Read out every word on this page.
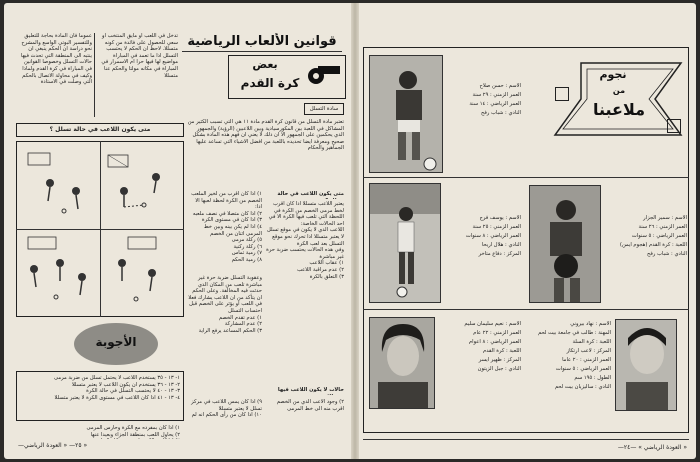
قوانين الألعاب الرياضية
بعض
كرة القدم
عموما فان المادة بحاجة للتعليق وللتفسير البوتي الواسع والمشرح نحو دراسة ان الحكم ينبغي ان ينتبه الى المنطقة التي تحدث فيها حالات التسلل وخصوصا القوانين في المباراة في كرة القدم ولماذا وكيف في محاولة الاتصال بالحكم التي وصلت في الاستاذة
تدخل في اللعب او مايق المنتخب او سعي للحصول على فائدة من كونه متسللا. لاحظ ان الحكم لا يحتسب التسلل اذا ما تعمد في المباراة مواضيع لها فيها حرا ام الاسمرار في المباراة في مكانه مولتا والحكم عنا متسللا
سادة التسلل
تعتبر مادة التسلل من قانون كرة القدم مادة ١١ هي التي تسبب الكثير من المشاكل في اللعبة بين المكورسيادية وبين اللاعبين (الرؤية) والجمهور الذي يحكمين على الجمهور الا ان ذلك لا يعني ان فهم هذه المادة بشكل صحيح ومعرفة ايضا تحديده باللعبة من افضل الاشياء التي تساعد عليها الجماهير والحكام
متى يكون اللاعب في حالة تسلل ؟
متى يكون اللاعب في حالة
يعتبر اللاعب متسللا اذا كان اقرب لخط مرمى الخصم من الكرة في اللحظة التي تلعب فيها الكرة الا في احد الحالات الخاصة:
اللاعب الذي لا يكون في موقع تسلل لا يعتبر متسللا اذا تحرك نحو موقع التسلل بعد لعب الكرة
وفي هذه الحالات يحتسب ضربة حرة غير مباشرة
١) عقاب اللاعب
٢) عدم مراقبة اللاعب
٣) التعلق بالكرة
١) اذا كان أقرب من لخير الملعب الخصم من الكرة لحظة لعبها الا اذا:
٢) اذا كان متصلا في نصف ملعبه
٣) اذا كان في مستوى الكرة
٤) اذا لم يكن بينه وبين خط المرمى اثنان من الخصم
٥) ركلة مرمى
٦) ركلة ركنية
٧) رمية تماس
٨) رمية الحكم
وعقوبة التسلل ضربة حرة غير مباشرة تلعب من المكان الذي حدثت فيه المخالفة. وعلى الحكم ان يتأكد من ان اللاعب يشارك فعلا في اللعب او يؤثر على الخصم قبل احتساب التسلل
١) عدم تقدم الخصم
٢) عدم المشاركة
٣) الحكم المساعد يرفع الراية
حالات لا يكون اللاعب فيها
٢) وجود الاعب الذي من الخصم اقرب منه الى خط المرمى
٩) اذا كان يمس اللاعب في مركز تسلل لا يعتبر متسللا
١٠) اذا كان من رأى الحكم انه لم
الأجوبة
١- ١٣ - ٣٥ يستخدم اللاعب لا يحتمل تسلل من ضربة مرمى
٢- ١٣ - ٣٦ يستخدم ان يكون اللاعب لا يعتبر متسللا
٣- ١٣ - ٤٠ لا يحتسب التسلل في حالة الكرة
٤- ١٣ - ٤١ اذا كان اللاعب في مستوى الكرة لا يعتبر متسللا
١) اذا كان بمفرده مع الكرة وحارس المرمى
٢) يحاول اللعب بمنطقة الجزاء وبعيدا عنها

—٢٥— « العودة الرياضي »
نجوم
من
ملاعبنا
الاسم : حسن صلاح
العمر الزمني : ٢٩ سنة
العمر الرياضي : ١٤ سنة
النادي : شباب رفح
الاسم : سمير الجزار
العمر الزمني : ٢٦ سنة
العمر الرياضي : ٥ سنوات
اللعبة : كرة القدم (هجوم ايمن)
النادي : شباب رفح
الاسم : يوسف فرج
العمر الزمني : ٢٥ سنة
العمر الرياضي : ٨ سنوات
النادي : هلال اريحا
المركز : دفاع متأخر
الاسم : نهاد بيروني
المهنة : طالب في جامعة بيت لحم
اللعبة : كرة السلة
المركز : لاعب ارتكاز
العمر الزمني : ٢٠ عاما
العمر الرياضي : ٥ سنوات
الطول : ١٩٥ سم
النادي : ساليزيان بيت لحم
الاسم : نعيم سليمان سليم
العمر الزمني : ٢٢ عام
العمر الرياضي : ٨ اعوام
اللعبة : كرة القدم
المركز : ظهير ايسر
النادي : جبل الزيتون
« العودة الرياضي » —٢٤—
